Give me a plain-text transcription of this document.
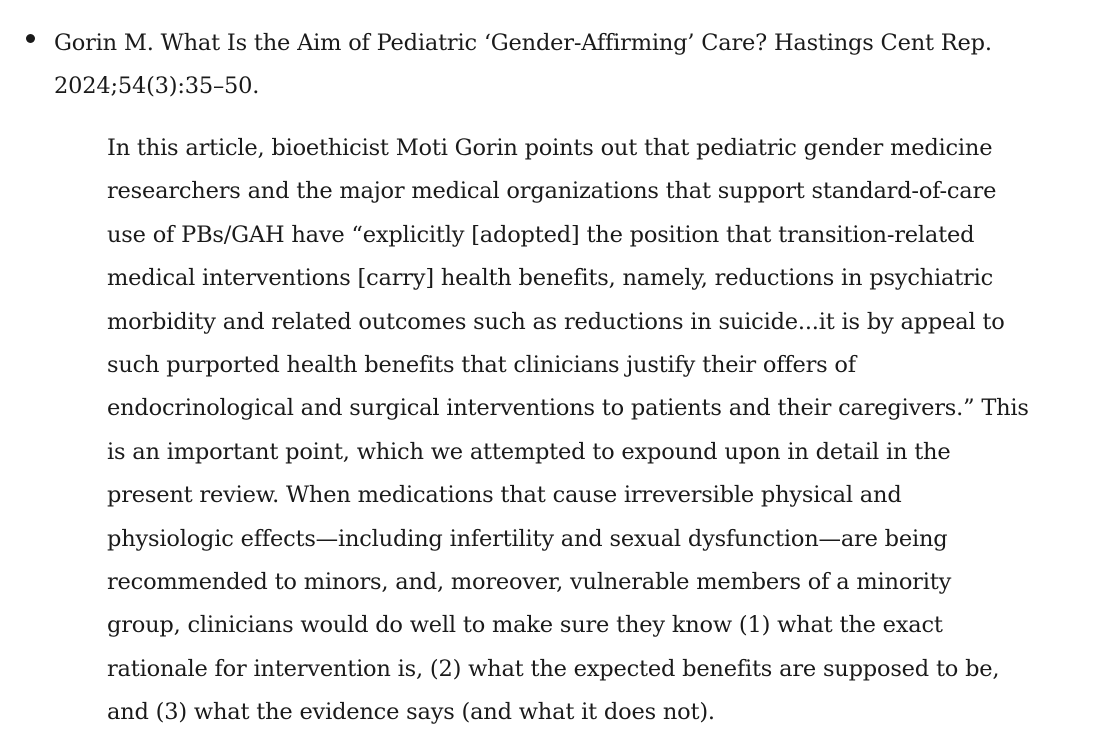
Gorin M. What Is the Aim of Pediatric ‘Gender-Affirming’ Care? Hastings Cent Rep.
2024;54(3):35–50.
In this article, bioethicist Moti Gorin points out that pediatric gender medicine
researchers and the major medical organizations that support standard-of-care
use of PBs/GAH have “explicitly [adopted] the position that transition-related
medical interventions [carry] health benefits, namely, reductions in psychiatric
morbidity and related outcomes such as reductions in suicide...it is by appeal to
such purported health benefits that clinicians justify their offers of
endocrinological and surgical interventions to patients and their caregivers.” This
is an important point, which we attempted to expound upon in detail in the
present review. When medications that cause irreversible physical and
physiologic effects—including infertility and sexual dysfunction—are being
recommended to minors, and, moreover, vulnerable members of a minority
group, clinicians would do well to make sure they know (1) what the exact
rationale for intervention is, (2) what the expected benefits are supposed to be,
and (3) what the evidence says (and what it does not).
